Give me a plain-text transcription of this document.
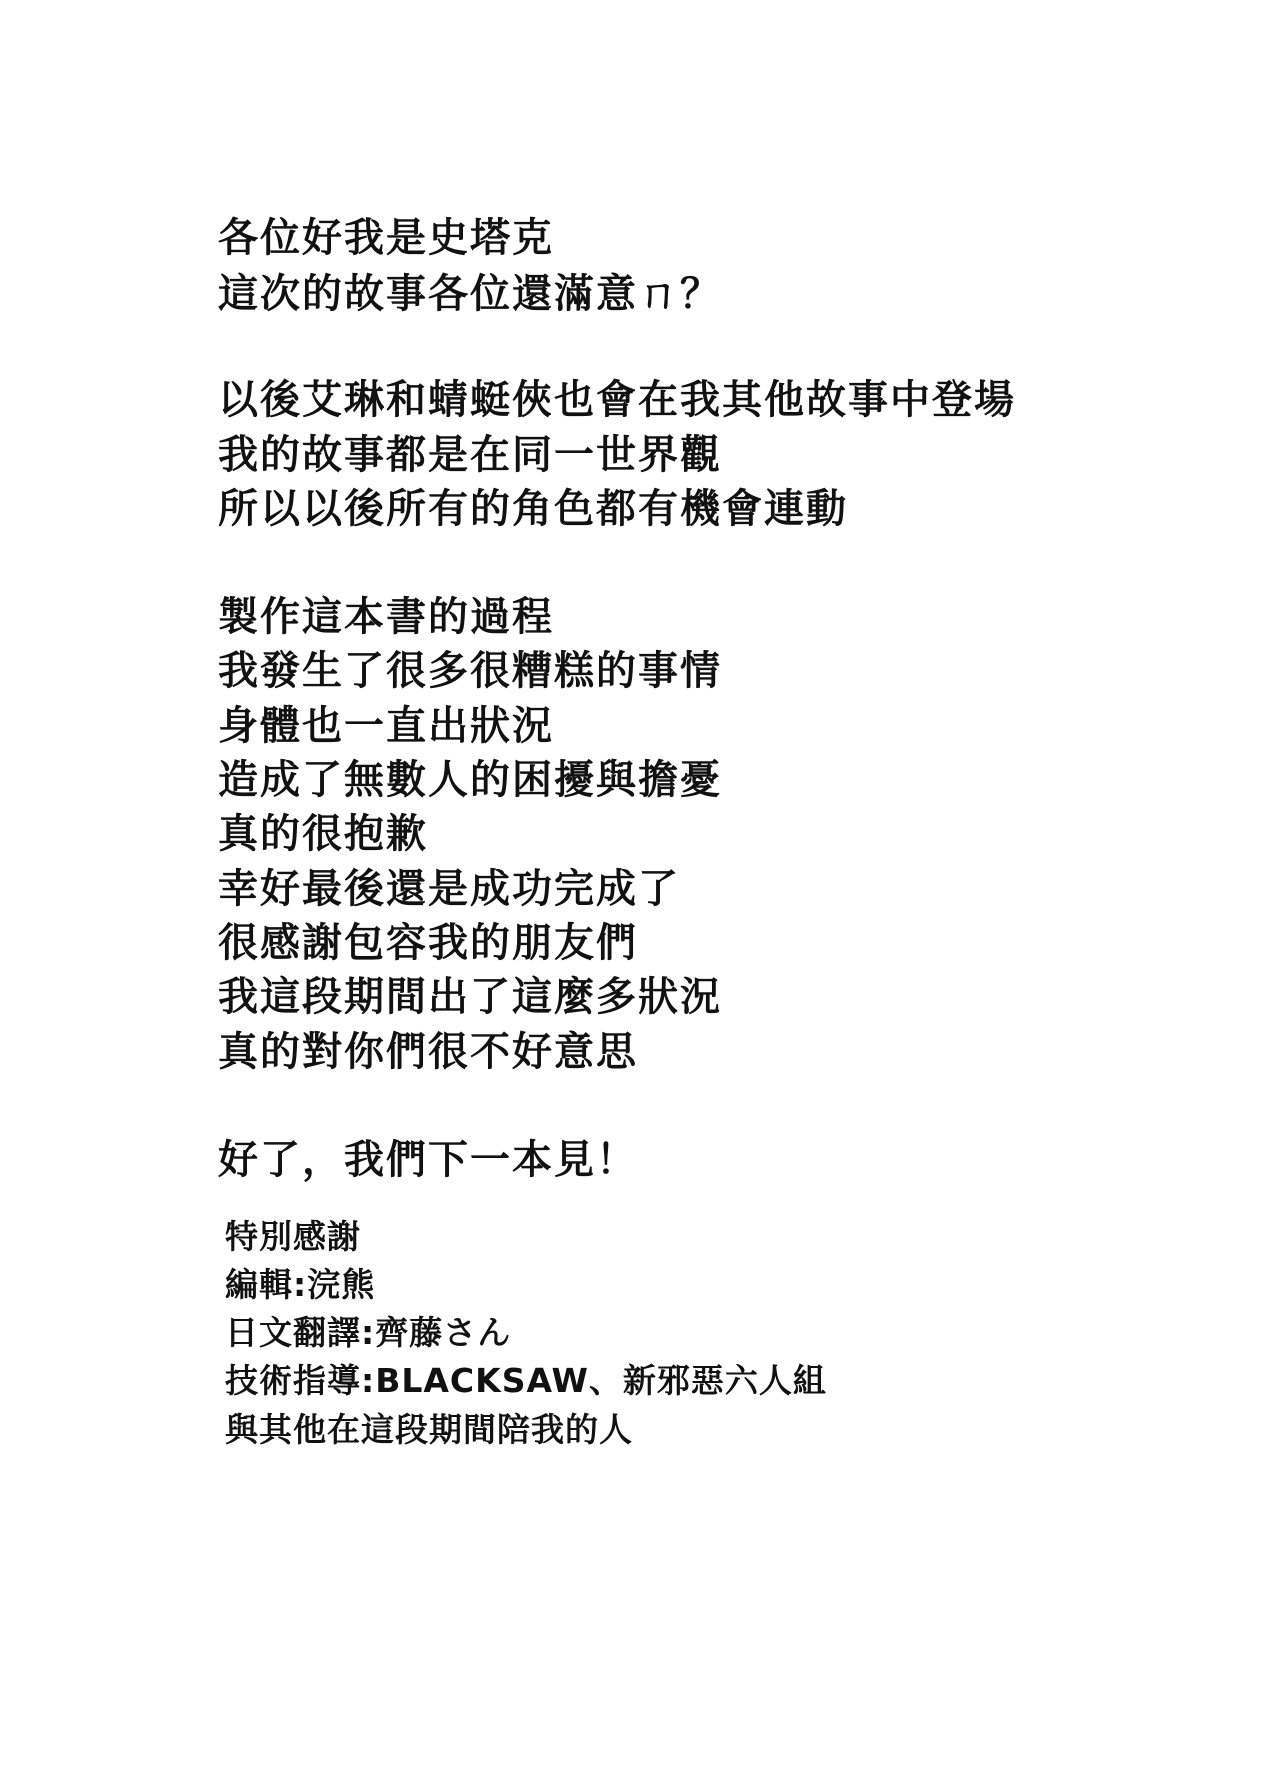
各位好我是史塔克

這次的故事各位還滿意ㄇ？

以後艾琳和蜻蜓俠也會在我其他故事中登場

我的故事都是在同一世界觀

所以以後所有的角色都有機會連動

製作這本書的過程

我發生了很多很糟糕的事情

身體也一直出狀況

造成了無數人的困擾與擔憂

真的很抱歉

幸好最後還是成功完成了

很感謝包容我的朋友們

我這段期間出了這麼多狀況

真的對你們很不好意思

好了，我們下一本見！

特別感謝

編輯:浣熊

日文翻譯:齊藤さん

技術指導:BLACKSAW、新邪惡六人組

與其他在這段期間陪我的人
